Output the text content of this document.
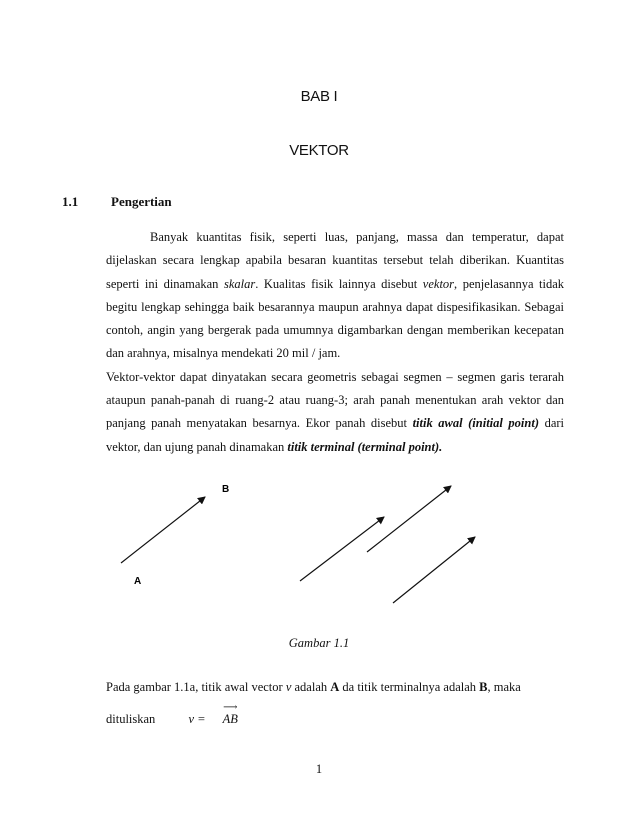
BAB I
VEKTOR
1.1	Pengertian

Banyak kuantitas fisik, seperti luas, panjang, massa dan temperatur, dapat dijelaskan secara lengkap apabila besaran kuantitas tersebut telah diberikan. Kuantitas seperti ini dinamakan skalar. Kualitas fisik lainnya disebut vektor, penjelasannya tidak begitu lengkap sehingga baik besarannya maupun arahnya dapat dispesifikasikan. Sebagai contoh, angin yang bergerak pada umumnya digambarkan dengan memberikan kecepatan dan arahnya, misalnya mendekati 20 mil / jam.

Vektor-vektor dapat dinyatakan secara geometris sebagai segmen – segmen garis terarah ataupun panah-panah di ruang-2 atau ruang-3; arah panah menentukan arah vektor dan panjang panah menyatakan besarnya. Ekor panah disebut titik awal (initial point) dari vektor, dan ujung panah dinamakan titik terminal (terminal point).

B
A
Gambar 1.1
Pada gambar 1.1a, titik awal vector v adalah A da titik terminalnya adalah B, maka
dituliskan	v =
⟶
AB
1
